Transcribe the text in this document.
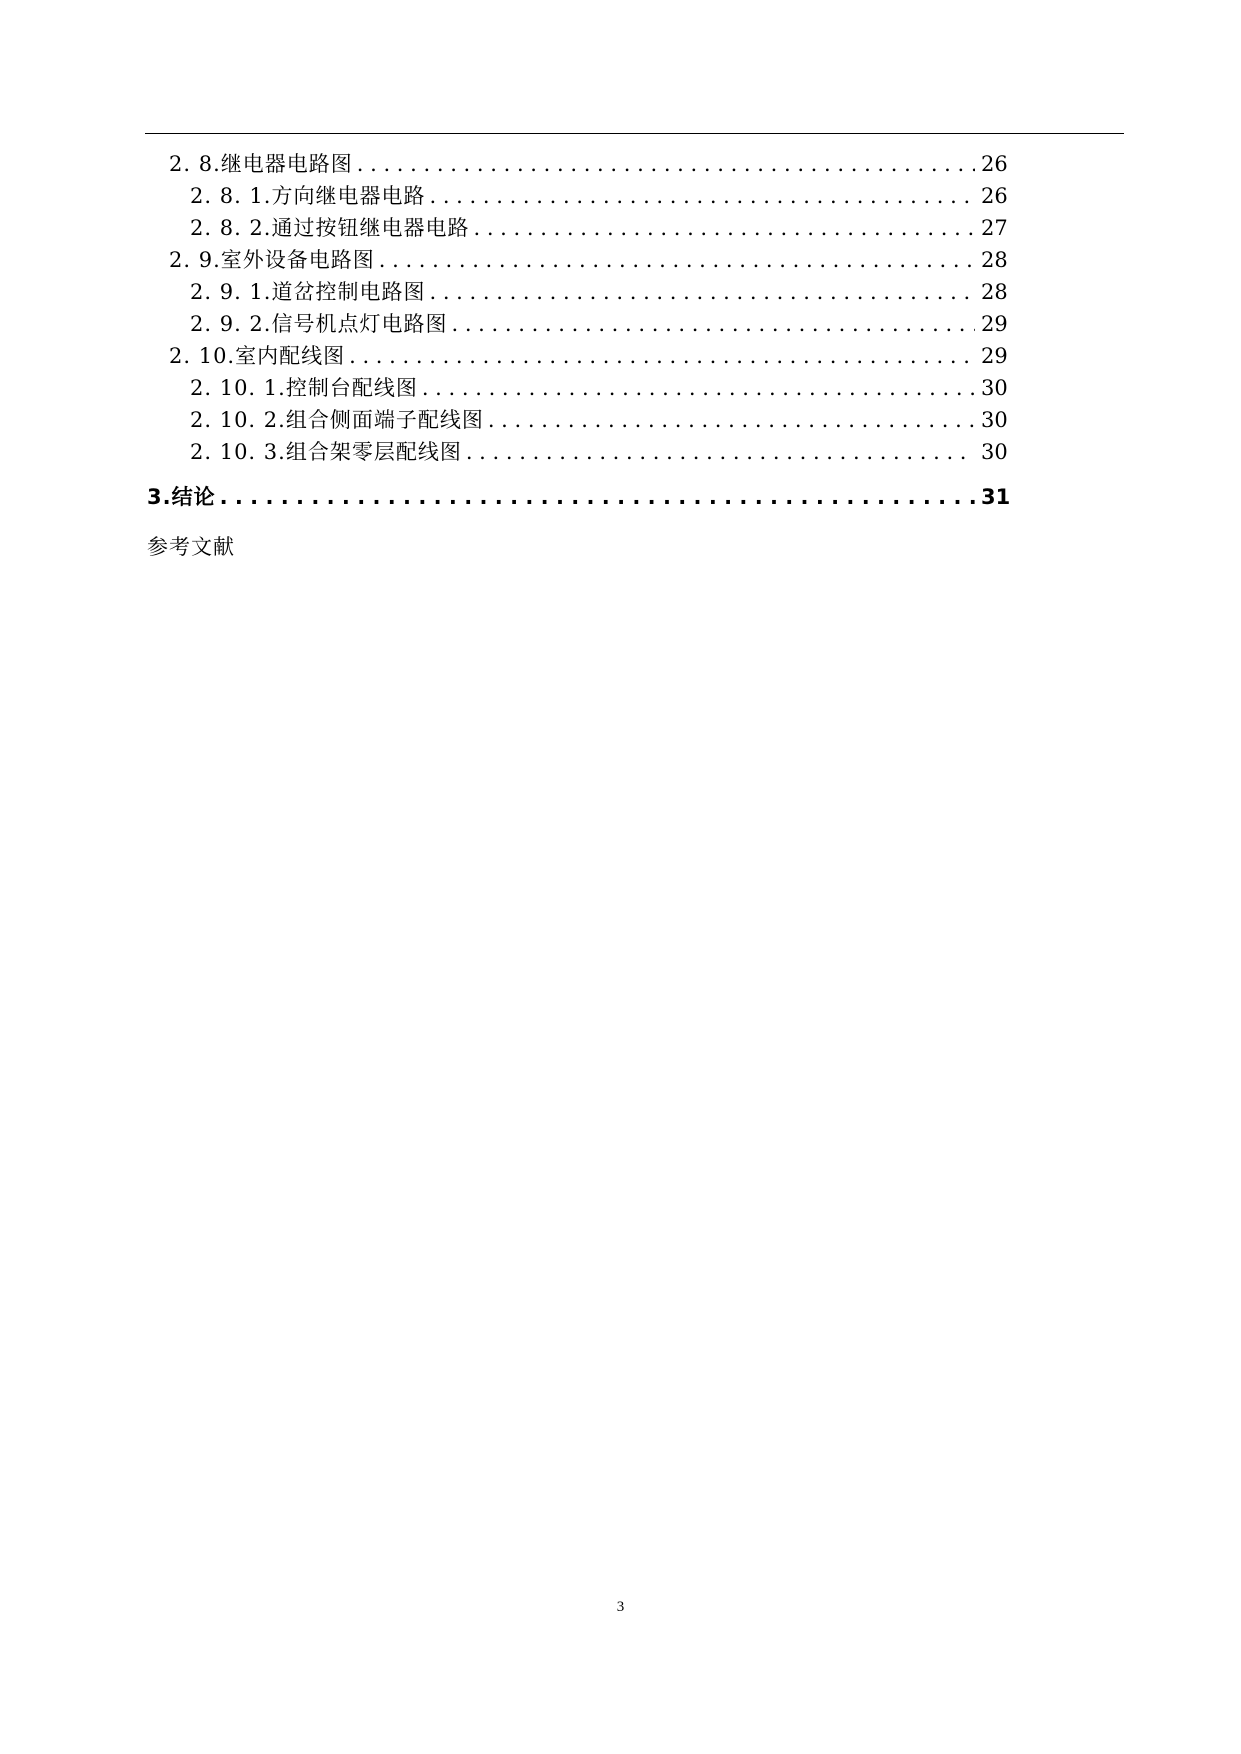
2. 8. 继电器电路图 . . .	26
2. 8. 1. 方向继电器电路 . . .	26
2. 8. 2. 通过按钮继电器电路 . . .	27
2. 9. 室外设备电路图 . . .	28
2. 9. 1. 道岔控制电路图 . . .	28
2. 9. 2. 信号机点灯电路图 . . .	29
2. 10. 室内配线图 . . .	29
2. 10. 1. 控制台配线图 . . .	30
2. 10. 2. 组合侧面端子配线图 . . .	30
2. 10. 3. 组合架零层配线图 . . .	30
3. 结论 . . .	31
参考文献
3
